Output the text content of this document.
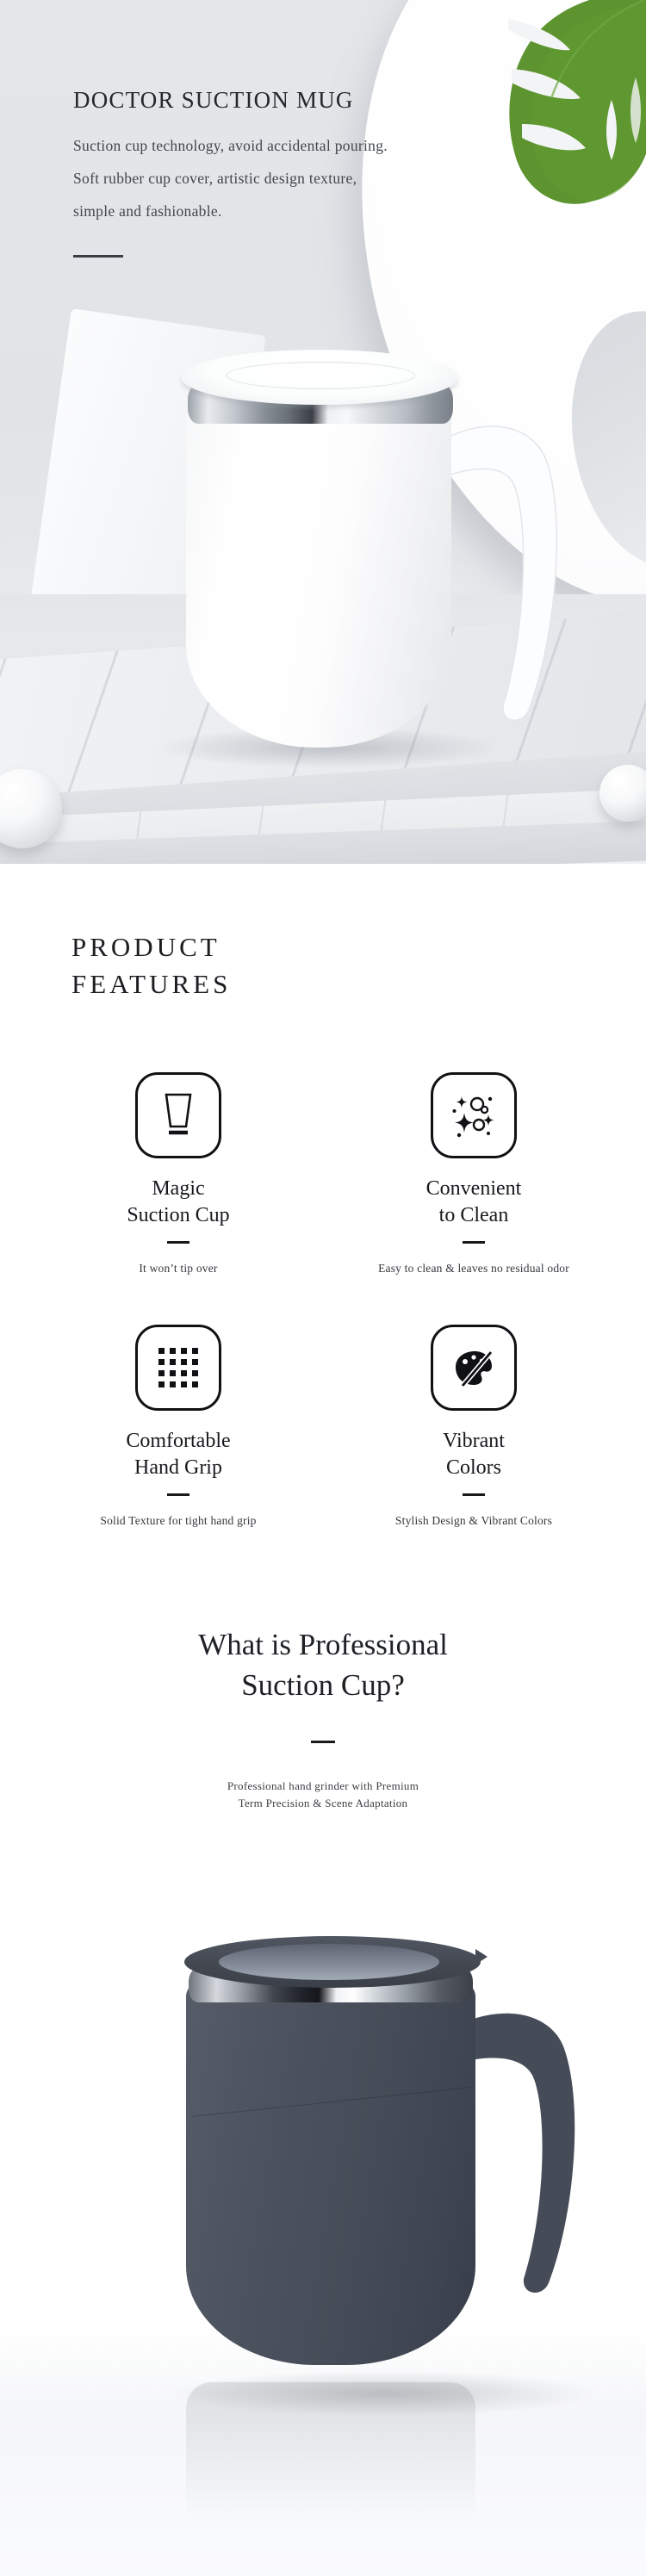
DOCTOR SUCTION MUG
Suction cup technology, avoid accidental pouring.
Soft rubber cup cover, artistic design texture,
simple and fashionable.
PRODUCT
FEATURES
Magic
Suction Cup
It won’t tip over
Convenient
to Clean
Easy to clean & leaves no residual odor
Comfortable
Hand Grip
Solid Texture for tight hand grip
Vibrant
Colors
Stylish Design & Vibrant Colors
What is Professional
Suction Cup?
Professional hand grinder with Premium
Term Precision & Scene Adaptation
